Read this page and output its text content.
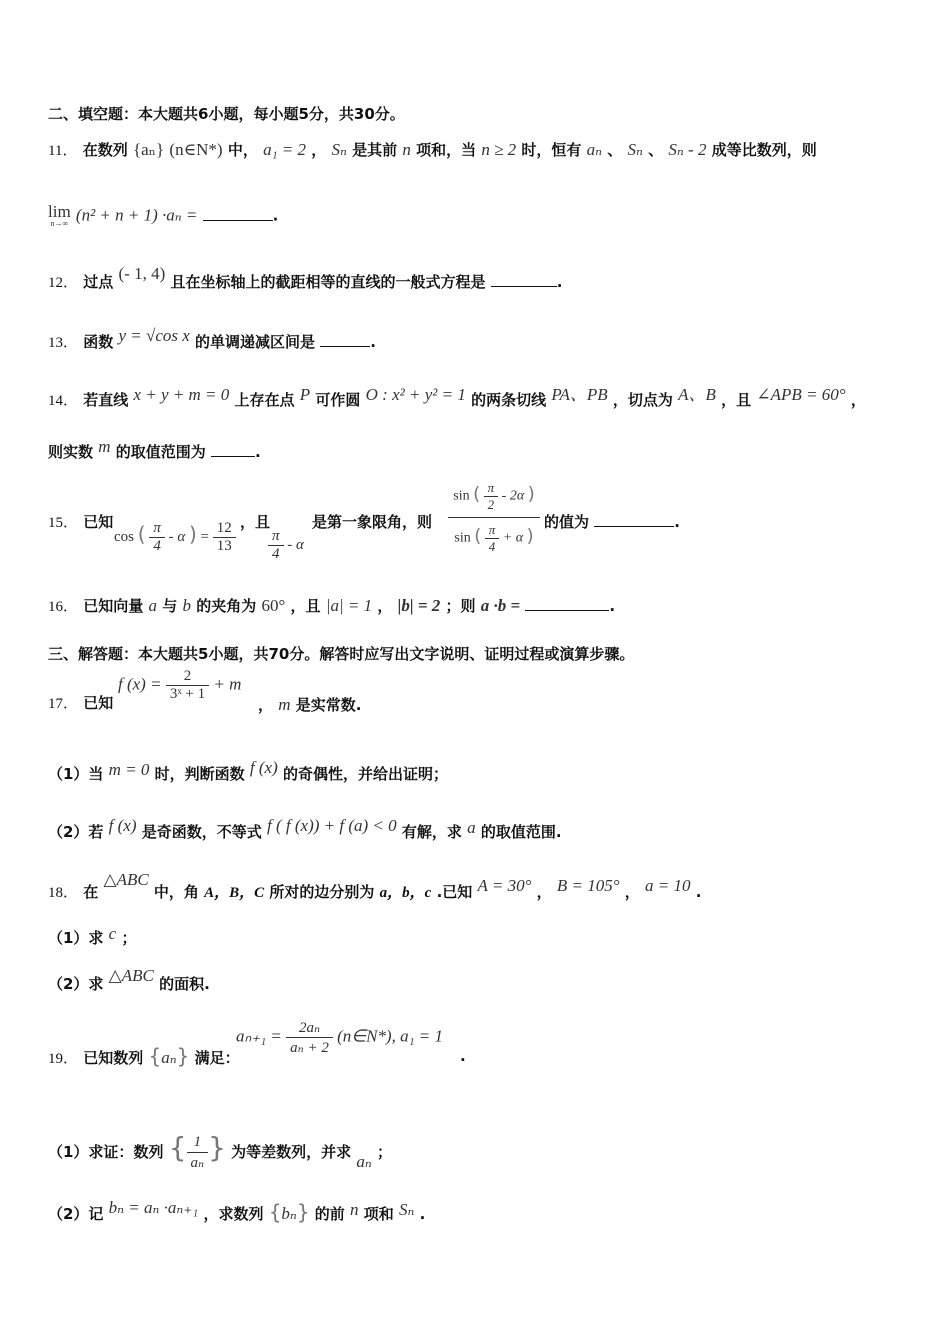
二、填空题：本大题共6小题，每小题5分，共30分。
11． 在数列 {aₙ} (n∈N*) 中， a₁ = 2 ， Sₙ 是其前 n 项和，当 n ≥ 2 时，恒有 aₙ 、 Sₙ 、 Sₙ - 2 成等比数列，则
lim
n→∞ (n² + n + 1) ·aₙ =	.
12． 过点 (- 1, 4) 且在坐标轴上的截距相等的直线的一般式方程是	.
13． 函数 y = √cos x 的单调递减区间是	.
14． 若直线 x + y + m = 0 上存在点 P 可作圆 O : x² + y² = 1 的两条切线 PA、PB ，切点为 A、B ，且 ∠APB = 60° ，
则实数 m 的取值范围为	.
15． 已知
cos ( $\frac{\pi}{4}$ - α ) = $\frac{12}{13}$ ，且
$\frac{\pi}{4}$ - α
是第一象限角，则 $\frac{\sin ( \frac{\pi}{2} - 2\alpha )}{\sin ( \frac{\pi}{4} + \alpha )}$ 的值为	.
16． 已知向量 a 与 b 的夹角为 60° ，且 |a| = 1 ， |b| = 2 ；则 a ·b =	.
三、解答题：本大题共5小题，共70分。解答时应写出文字说明、证明过程或演算步骤。
17． 已知
f $(x) = \frac{2}{\text{3ˣ + 1}} + m$
， m 是实常数.
（1）当 m = 0 时，判断函数 f (x) 的奇偶性，并给出证明；
（2）若 f (x) 是奇函数，不等式 f ( f (x)) + f (a) < 0 有解，求 a 的取值范围.
18． 在 △ABC 中，角 A，B，C 所对的边分别为 a，b，c .已知 A = 30° ， B = 105° ， a = 10 .
（1）求 c ；
（2）求 △ABC 的面积.
19． 已知数列 {aₙ} 满足：
$a_{n+1} = \frac{\text{2aₙ}}{\text{aₙ + 2}}$ (n∈N*), a₁ = 1
.
（1）求证：数列 { $\frac{1}{\text{aₙ}}$ } 为等差数列，并求 aₙ ；
（2）记 bₙ = aₙ ·aₙ₊₁ ，求数列 {bₙ} 的前 n 项和 Sₙ .
